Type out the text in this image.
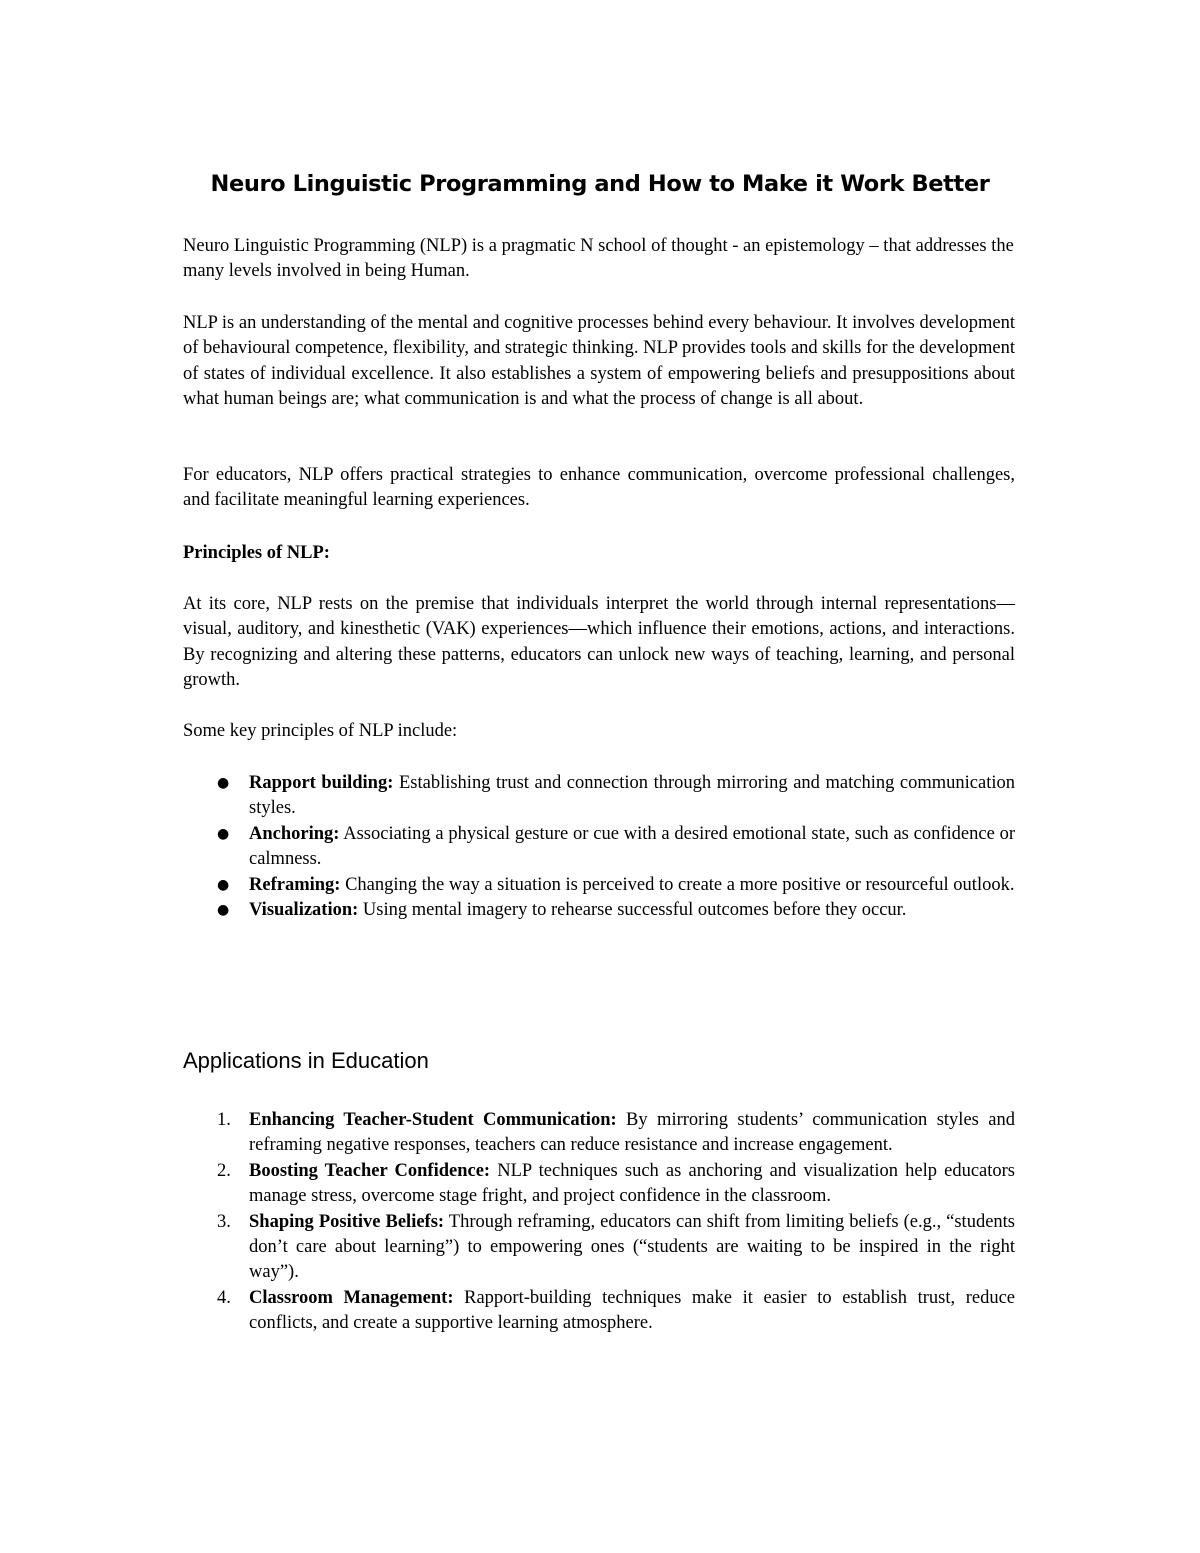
Neuro Linguistic Programming and How to Make it Work Better

Neuro Linguistic Programming (NLP) is a pragmatic N school of thought - an epistemology – that addresses the many levels involved in being Human.

NLP is an understanding of the mental and cognitive processes behind every behaviour. It involves development of behavioural competence, flexibility, and strategic thinking. NLP provides tools and skills for the development of states of individual excellence. It also establishes a system of empowering beliefs and presuppositions about what human beings are; what communication is and what the process of change is all about.

For educators, NLP offers practical strategies to enhance communication, overcome professional challenges, and facilitate meaningful learning experiences.

Principles of NLP:

At its core, NLP rests on the premise that individuals interpret the world through internal representations—visual, auditory, and kinesthetic (VAK) experiences—which influence their emotions, actions, and interactions. By recognizing and altering these patterns, educators can unlock new ways of teaching, learning, and personal growth.

Some key principles of NLP include:

● Rapport building: Establishing trust and connection through mirroring and matching communication styles.
● Anchoring: Associating a physical gesture or cue with a desired emotional state, such as confidence or calmness.
● Reframing: Changing the way a situation is perceived to create a more positive or resourceful outlook.
● Visualization: Using mental imagery to rehearse successful outcomes before they occur.
Applications in Education
1. Enhancing Teacher-Student Communication: By mirroring students’ communication styles and reframing negative responses, teachers can reduce resistance and increase engagement.
2. Boosting Teacher Confidence: NLP techniques such as anchoring and visualization help educators manage stress, overcome stage fright, and project confidence in the classroom.
3. Shaping Positive Beliefs: Through reframing, educators can shift from limiting beliefs (e.g., “students don’t care about learning”) to empowering ones (“students are waiting to be inspired in the right way”).
4. Classroom Management: Rapport-building techniques make it easier to establish trust, reduce conflicts, and create a supportive learning atmosphere.
